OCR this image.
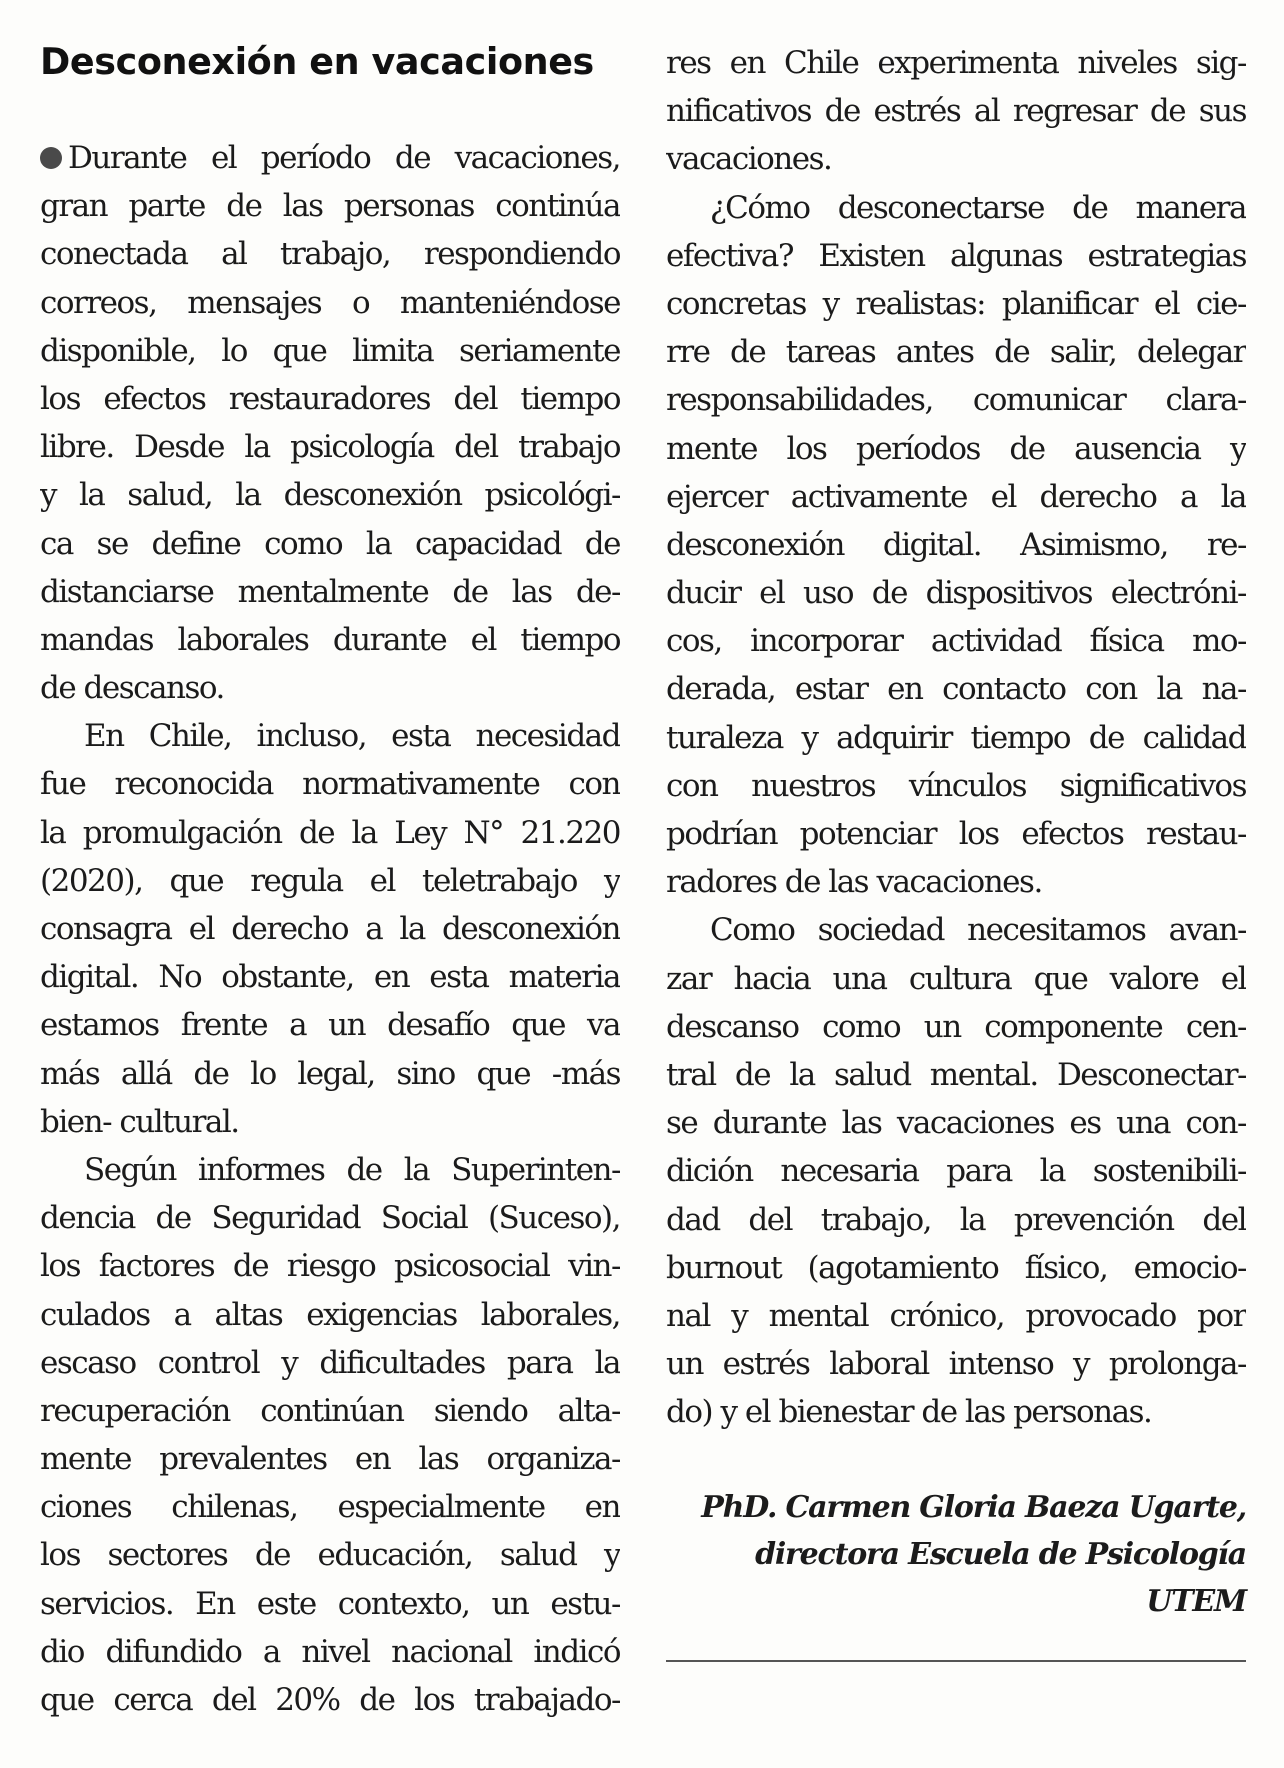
Desconexión en vacaciones
Durante el período de vacaciones,
gran parte de las personas continúa
conectada al trabajo, respondiendo
correos, mensajes o manteniéndose
disponible, lo que limita seriamente
los efectos restauradores del tiempo
libre. Desde la psicología del trabajo
y la salud, la desconexión psicológi-
ca se define como la capacidad de
distanciarse mentalmente de las de-
mandas laborales durante el tiempo
de descanso.
En Chile, incluso, esta necesidad
fue reconocida normativamente con
la promulgación de la Ley N° 21.220
(2020), que regula el teletrabajo y
consagra el derecho a la desconexión
digital. No obstante, en esta materia
estamos frente a un desafío que va
más allá de lo legal, sino que -más
bien- cultural.
Según informes de la Superinten-
dencia de Seguridad Social (Suceso),
los factores de riesgo psicosocial vin-
culados a altas exigencias laborales,
escaso control y dificultades para la
recuperación continúan siendo alta-
mente prevalentes en las organiza-
ciones chilenas, especialmente en
los sectores de educación, salud y
servicios. En este contexto, un estu-
dio difundido a nivel nacional indicó
que cerca del 20% de los trabajado-
res en Chile experimenta niveles sig-
nificativos de estrés al regresar de sus
vacaciones.
¿Cómo desconectarse de manera
efectiva? Existen algunas estrategias
concretas y realistas: planificar el cie-
rre de tareas antes de salir, delegar
responsabilidades, comunicar clara-
mente los períodos de ausencia y
ejercer activamente el derecho a la
desconexión digital. Asimismo, re-
ducir el uso de dispositivos electróni-
cos, incorporar actividad física mo-
derada, estar en contacto con la na-
turaleza y adquirir tiempo de calidad
con nuestros vínculos significativos
podrían potenciar los efectos restau-
radores de las vacaciones.
Como sociedad necesitamos avan-
zar hacia una cultura que valore el
descanso como un componente cen-
tral de la salud mental. Desconectar-
se durante las vacaciones es una con-
dición necesaria para la sostenibili-
dad del trabajo, la prevención del
burnout (agotamiento físico, emocio-
nal y mental crónico, provocado por
un estrés laboral intenso y prolonga-
do) y el bienestar de las personas.
PhD. Carmen Gloria Baeza Ugarte,
directora Escuela de Psicología
UTEM
